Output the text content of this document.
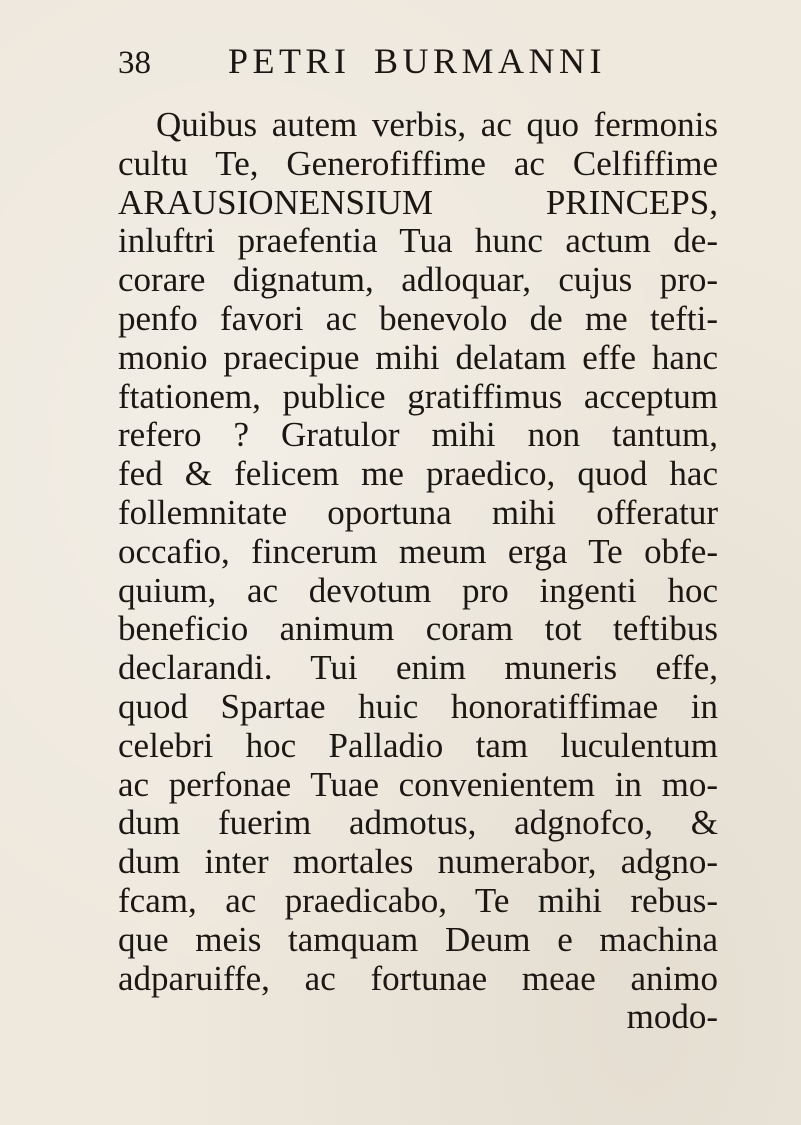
38	PETRI BURMANNI
Quibus autem verbis, ac quo fermonis
cultu Te, Generofiffime ac Celfiffime
ARAUSIONENSIUM PRINCEPS,
inluftri praefentia Tua hunc actum de-
corare dignatum, adloquar, cujus pro-
penfo favori ac benevolo de me tefti-
monio praecipue mihi delatam effe hanc
ftationem, publice gratiffimus acceptum
refero ? Gratulor mihi non tantum,
fed & felicem me praedico, quod hac
follemnitate oportuna mihi offeratur
occafio, fincerum meum erga Te obfe-
quium, ac devotum pro ingenti hoc
beneficio animum coram tot teftibus
declarandi. Tui enim muneris effe,
quod Spartae huic honoratiffimae in
celebri hoc Palladio tam luculentum
ac perfonae Tuae convenientem in mo-
dum fuerim admotus, adgnofco, &
dum inter mortales numerabor, adgno-
fcam, ac praedicabo, Te mihi rebus-
que meis tamquam Deum e machina
adparuiffe, ac fortunae meae animo
modo-
